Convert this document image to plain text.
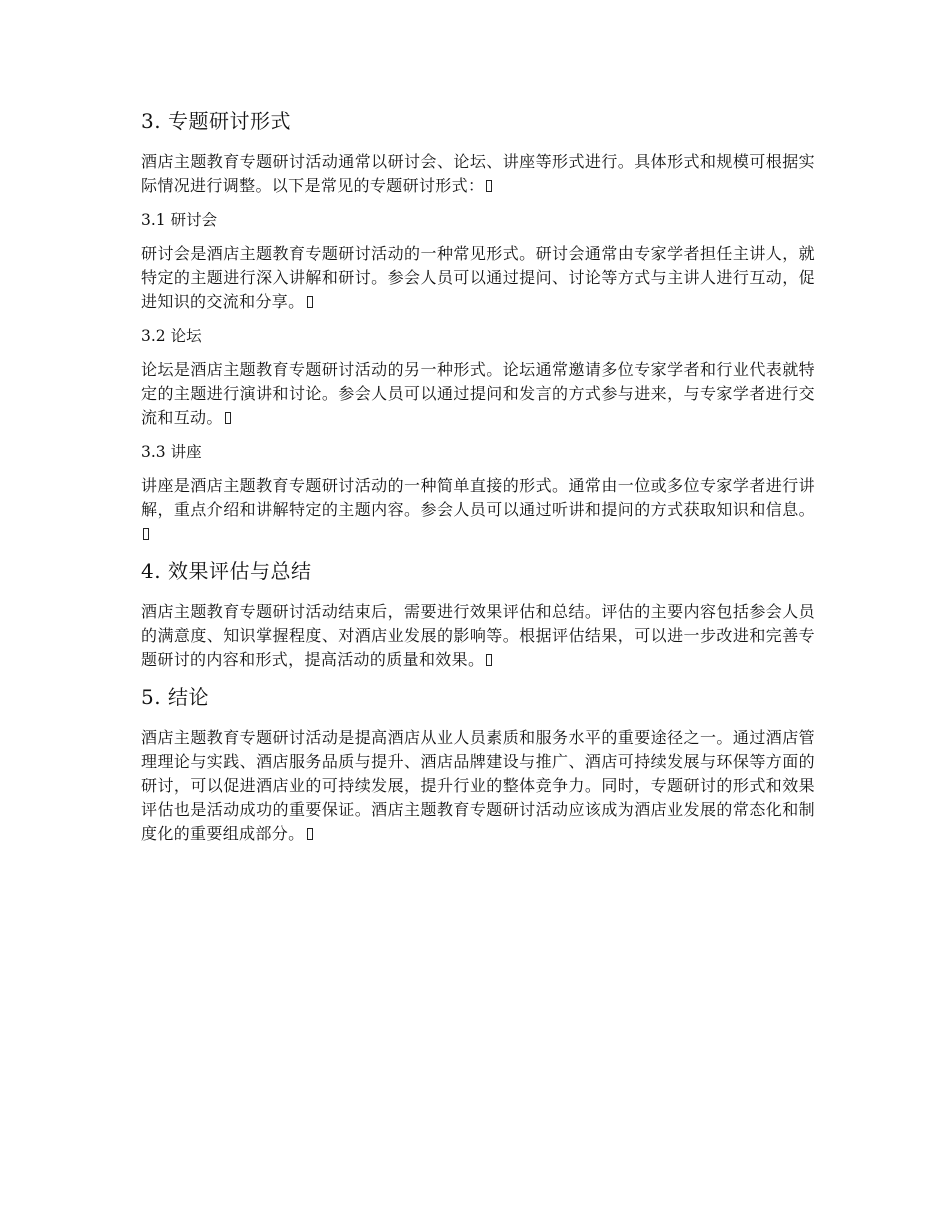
3. 专题研讨形式

酒店主题教育专题研讨活动通常以研讨会、论坛、讲座等形式进行。具体形式和规模可根据实际情况进行调整。以下是常见的专题研讨形式：

3.1 研讨会

研讨会是酒店主题教育专题研讨活动的一种常见形式。研讨会通常由专家学者担任主讲人，就特定的主题进行深入讲解和研讨。参会人员可以通过提问、讨论等方式与主讲人进行互动，促进知识的交流和分享。

3.2 论坛

论坛是酒店主题教育专题研讨活动的另一种形式。论坛通常邀请多位专家学者和行业代表就特定的主题进行演讲和讨论。参会人员可以通过提问和发言的方式参与进来，与专家学者进行交流和互动。

3.3 讲座

讲座是酒店主题教育专题研讨活动的一种简单直接的形式。通常由一位或多位专家学者进行讲解，重点介绍和讲解特定的主题内容。参会人员可以通过听讲和提问的方式获取知识和信息。

4. 效果评估与总结

酒店主题教育专题研讨活动结束后，需要进行效果评估和总结。评估的主要内容包括参会人员的满意度、知识掌握程度、对酒店业发展的影响等。根据评估结果，可以进一步改进和完善专题研讨的内容和形式，提高活动的质量和效果。

5. 结论

酒店主题教育专题研讨活动是提高酒店从业人员素质和服务水平的重要途径之一。通过酒店管理理论与实践、酒店服务品质与提升、酒店品牌建设与推广、酒店可持续发展与环保等方面的研讨，可以促进酒店业的可持续发展，提升行业的整体竞争力。同时，专题研讨的形式和效果评估也是活动成功的重要保证。酒店主题教育专题研讨活动应该成为酒店业发展的常态化和制度化的重要组成部分。
